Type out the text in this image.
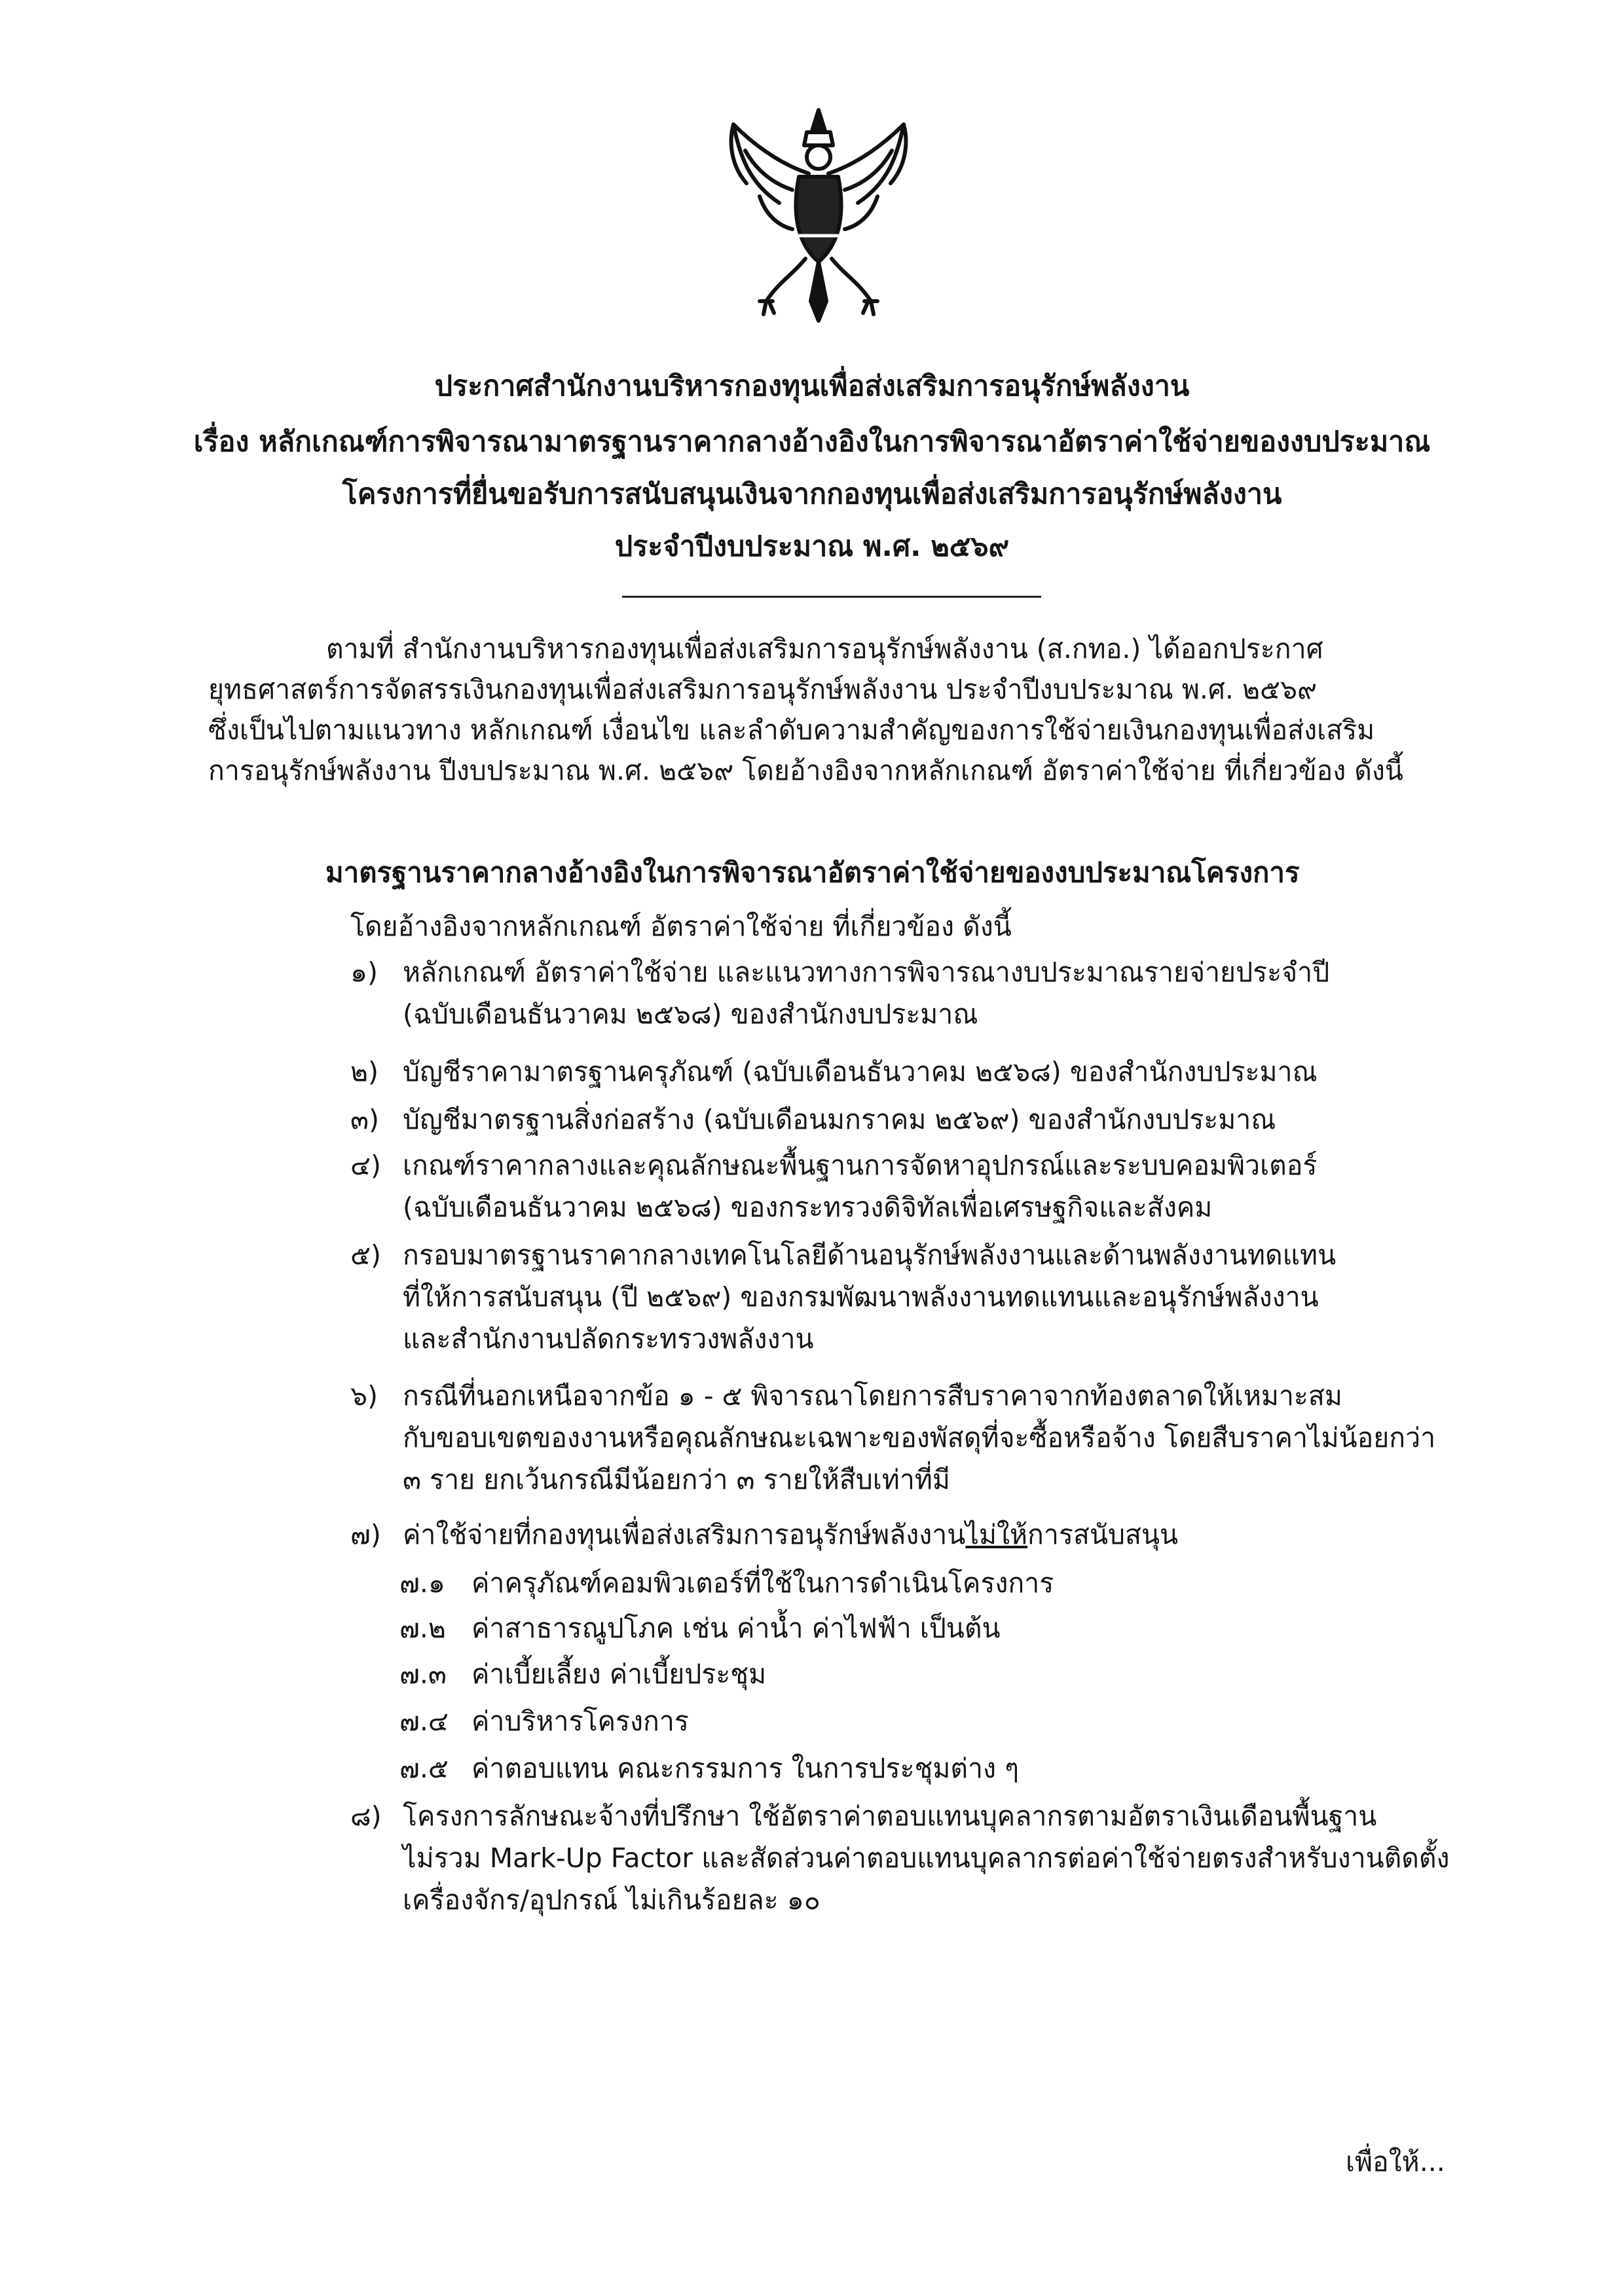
ประกาศสำนักงานบริหารกองทุนเพื่อส่งเสริมการอนุรักษ์พลังงาน
เรื่อง หลักเกณฑ์การพิจารณามาตรฐานราคากลางอ้างอิงในการพิจารณาอัตราค่าใช้จ่ายของงบประมาณ
โครงการที่ยื่นขอรับการสนับสนุนเงินจากกองทุนเพื่อส่งเสริมการอนุรักษ์พลังงาน
ประจำปีงบประมาณ พ.ศ. ๒๕๖๙
ตามที่ สำนักงานบริหารกองทุนเพื่อส่งเสริมการอนุรักษ์พลังงาน (ส.กทอ.) ได้ออกประกาศ
ยุทธศาสตร์การจัดสรรเงินกองทุนเพื่อส่งเสริมการอนุรักษ์พลังงาน ประจำปีงบประมาณ พ.ศ. ๒๕๖๙
ซึ่งเป็นไปตามแนวทาง หลักเกณฑ์ เงื่อนไข และลำดับความสำคัญของการใช้จ่ายเงินกองทุนเพื่อส่งเสริม
การอนุรักษ์พลังงาน ปีงบประมาณ พ.ศ. ๒๕๖๙ โดยอ้างอิงจากหลักเกณฑ์ อัตราค่าใช้จ่าย ที่เกี่ยวข้อง ดังนี้
มาตรฐานราคากลางอ้างอิงในการพิจารณาอัตราค่าใช้จ่ายของงบประมาณโครงการ
โดยอ้างอิงจากหลักเกณฑ์ อัตราค่าใช้จ่าย ที่เกี่ยวข้อง ดังนี้
๑) หลักเกณฑ์ อัตราค่าใช้จ่าย และแนวทางการพิจารณางบประมาณรายจ่ายประจำปี
(ฉบับเดือนธันวาคม ๒๕๖๘) ของสำนักงบประมาณ
๒) บัญชีราคามาตรฐานครุภัณฑ์ (ฉบับเดือนธันวาคม ๒๕๖๘) ของสำนักงบประมาณ
๓) บัญชีมาตรฐานสิ่งก่อสร้าง (ฉบับเดือนมกราคม ๒๕๖๙) ของสำนักงบประมาณ
๔) เกณฑ์ราคากลางและคุณลักษณะพื้นฐานการจัดหาอุปกรณ์และระบบคอมพิวเตอร์
(ฉบับเดือนธันวาคม ๒๕๖๘) ของกระทรวงดิจิทัลเพื่อเศรษฐกิจและสังคม
๕) กรอบมาตรฐานราคากลางเทคโนโลยีด้านอนุรักษ์พลังงานและด้านพลังงานทดแทน
ที่ให้การสนับสนุน (ปี ๒๕๖๙) ของกรมพัฒนาพลังงานทดแทนและอนุรักษ์พลังงาน
และสำนักงานปลัดกระทรวงพลังงาน
๖) กรณีที่นอกเหนือจากข้อ ๑ - ๕ พิจารณาโดยการสืบราคาจากท้องตลาดให้เหมาะสม
กับขอบเขตของงานหรือคุณลักษณะเฉพาะของพัสดุที่จะซื้อหรือจ้าง โดยสืบราคาไม่น้อยกว่า
๓ ราย ยกเว้นกรณีมีน้อยกว่า ๓ รายให้สืบเท่าที่มี
๗) ค่าใช้จ่ายที่กองทุนเพื่อส่งเสริมการอนุรักษ์พลังงานไม่ให้การสนับสนุน
๗.๑ ค่าครุภัณฑ์คอมพิวเตอร์ที่ใช้ในการดำเนินโครงการ
๗.๒ ค่าสาธารณูปโภค เช่น ค่าน้ำ ค่าไฟฟ้า เป็นต้น
๗.๓ ค่าเบี้ยเลี้ยง ค่าเบี้ยประชุม
๗.๔ ค่าบริหารโครงการ
๗.๕ ค่าตอบแทน คณะกรรมการ ในการประชุมต่าง ๆ
๘) โครงการลักษณะจ้างที่ปรึกษา ใช้อัตราค่าตอบแทนบุคลากรตามอัตราเงินเดือนพื้นฐาน
ไม่รวม Mark-Up Factor และสัดส่วนค่าตอบแทนบุคลากรต่อค่าใช้จ่ายตรงสำหรับงานติดตั้ง
เครื่องจักร/อุปกรณ์ ไม่เกินร้อยละ ๑๐
เพื่อให้...
